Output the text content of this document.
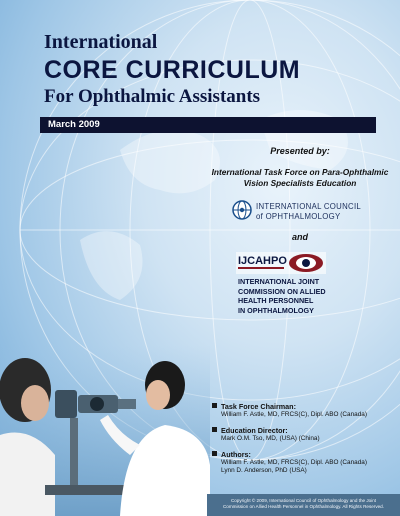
International

CORE CURRICULUM

For Ophthalmic Assistants

March 2009

Presented by:

International Task Force on Para-Ophthalmic
Vision Specialists Education
INTERNATIONAL COUNCIL
of OPHTHALMOLOGY
and
IJCAHPO
INTERNATIONAL JOINT
COMMISSION ON ALLIED
HEALTH PERSONNEL
IN OPHTHALMOLOGY
Task Force Chairman:
William F. Astle, MD, FRCS(C), Dipl. ABO (Canada)
Education Director:
Mark O.M. Tso, MD, (USA) (China)
Authors:
William F. Astle, MD, FRCS(C), Dipl. ABO (Canada)
Lynn D. Anderson, PhD (USA)
Copyright © 2009, International Council of Ophthalmology and the Joint
Commission on Allied Health Personnel in Ophthalmology. All Rights Reserved.
